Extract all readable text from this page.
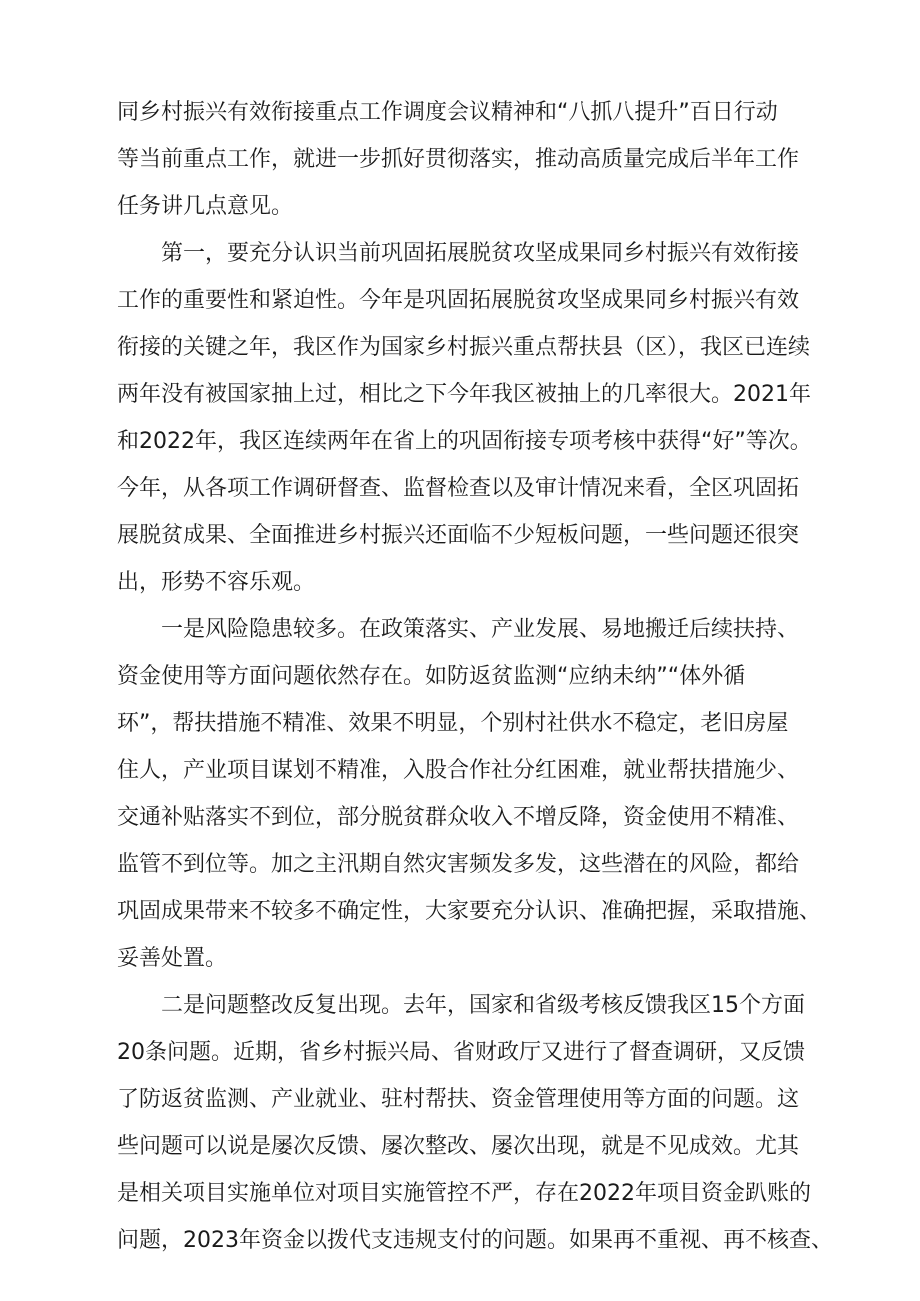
同乡村振兴有效衔接重点工作调度会议精神和“八抓八提升”百日行动

等当前重点工作，就进一步抓好贯彻落实，推动高质量完成后半年工作

任务讲几点意见。

第一，要充分认识当前巩固拓展脱贫攻坚成果同乡村振兴有效衔接

工作的重要性和紧迫性。今年是巩固拓展脱贫攻坚成果同乡村振兴有效

衔接的关键之年，我区作为国家乡村振兴重点帮扶县（区），我区已连续

两年没有被国家抽上过，相比之下今年我区被抽上的几率很大。2021年

和2022年，我区连续两年在省上的巩固衔接专项考核中获得“好”等次。

今年，从各项工作调研督查、监督检查以及审计情况来看，全区巩固拓

展脱贫成果、全面推进乡村振兴还面临不少短板问题，一些问题还很突

出，形势不容乐观。

一是风险隐患较多。在政策落实、产业发展、易地搬迁后续扶持、

资金使用等方面问题依然存在。如防返贫监测“应纳未纳”“体外循

环”，帮扶措施不精准、效果不明显，个别村社供水不稳定，老旧房屋

住人，产业项目谋划不精准，入股合作社分红困难，就业帮扶措施少、

交通补贴落实不到位，部分脱贫群众收入不增反降，资金使用不精准、

监管不到位等。加之主汛期自然灾害频发多发，这些潜在的风险，都给

巩固成果带来不较多不确定性，大家要充分认识、准确把握，采取措施、

妥善处置。

二是问题整改反复出现。去年，国家和省级考核反馈我区15个方面

20条问题。近期，省乡村振兴局、省财政厅又进行了督查调研，又反馈

了防返贫监测、产业就业、驻村帮扶、资金管理使用等方面的问题。这

些问题可以说是屡次反馈、屡次整改、屡次出现，就是不见成效。尤其

是相关项目实施单位对项目实施管控不严，存在2022年项目资金趴账的

问题，2023年资金以拨代支违规支付的问题。如果再不重视、再不核查、
